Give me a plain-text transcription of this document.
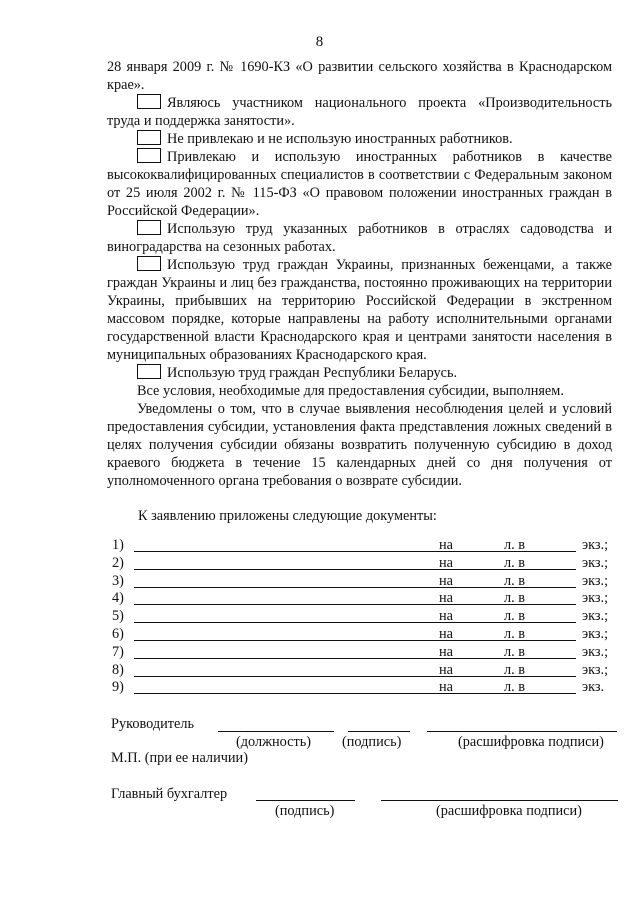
8

28 января 2009 г. № 1690-КЗ «О развитии сельского хозяйства в Краснодарском крае».

Являюсь участником национального проекта «Производительность труда и поддержка занятости».

Не привлекаю и не использую иностранных работников.

Привлекаю и использую иностранных работников в качестве высококвалифицированных специалистов в соответствии с Федеральным законом от 25 июля 2002 г. № 115-ФЗ «О правовом положении иностранных граждан в Российской Федерации».

Использую труд указанных работников в отраслях садоводства и виноградарства на сезонных работах.

Использую труд граждан Украины, признанных беженцами, а также граждан Украины и лиц без гражданства, постоянно проживающих на территории Украины, прибывших на территорию Российской Федерации в экстренном массовом порядке, которые направлены на работу исполнительными органами государственной власти Краснодарского края и центрами занятости населения в муниципальных образованиях Краснодарского края.

Использую труд граждан Республики Беларусь.

Все условия, необходимые для предоставления субсидии, выполняем.

Уведомлены о том, что в случае выявления несоблюдения целей и условий предоставления субсидии, установления факта представления ложных сведений в целях получения субсидии обязаны возвратить полученную субсидию в доход краевого бюджета в течение 15 календарных дней со дня получения от уполномоченного органа требования о возврате субсидии.

К заявлению приложены следующие документы:
1)	на	л. в	экз.;
2)	на	л. в	экз.;
3)	на	л. в	экз.;
4)	на	л. в	экз.;
5)	на	л. в	экз.;
6)	на	л. в	экз.;
7)	на	л. в	экз.;
8)	на	л. в	экз.;
9)	на	л. в	экз.
Руководитель
(должность) (подпись)	(расшифровка подписи)
М.П. (при ее наличии)
Главный бухгалтер
(подпись)	(расшифровка подписи)
